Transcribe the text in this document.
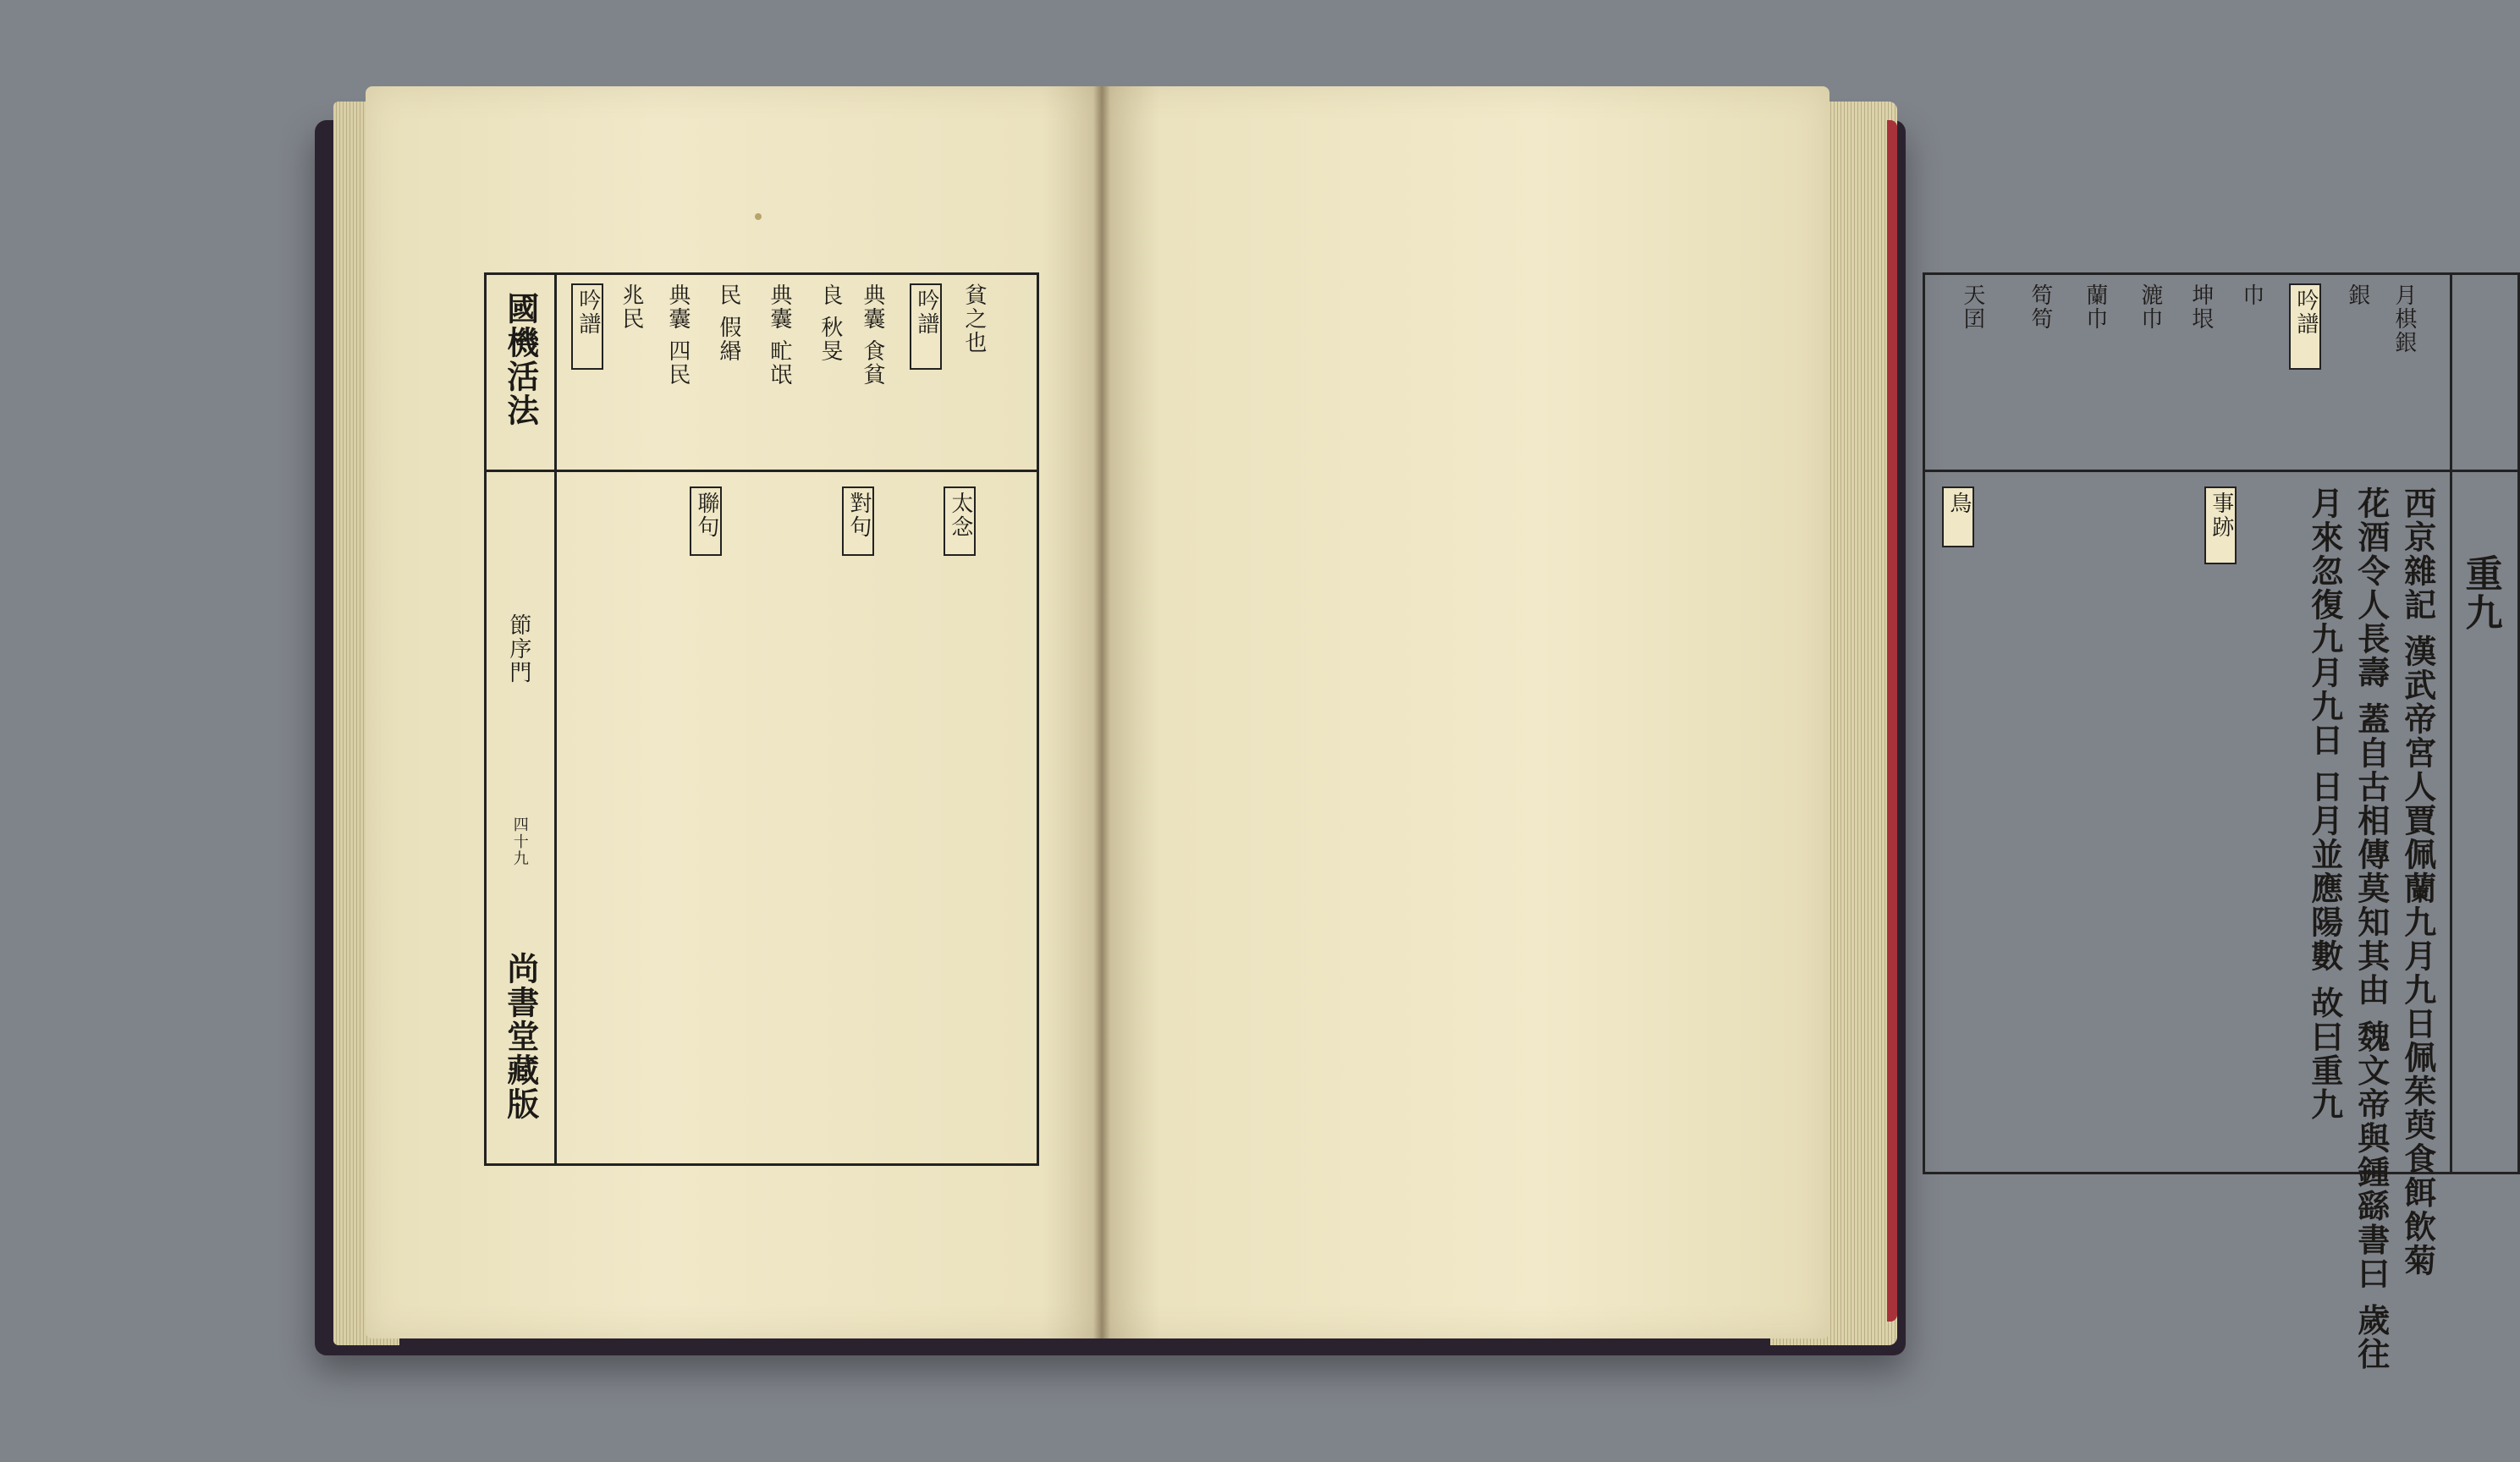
國機活法
節序門
四十九
尚書堂藏版
貧之也
吟譜
典囊 食貧
良 秋旻
典囊 甿氓
民 假緡
典囊 四民
兆民
吟譜
太念
對句
聯句
重九
西京雜記 漢武帝宮人賈佩蘭九月九日佩茱萸食餌飲菊
花酒令人長壽 蓋自古相傳莫知其由 魏文帝與鍾繇書曰 歲往
月來忽復九月九日 日月並應陽數 故曰重九
事跡
鳥
月棋銀
銀
吟譜
巾
坤垠
漉巾
蘭巾
笱笱
天囝
